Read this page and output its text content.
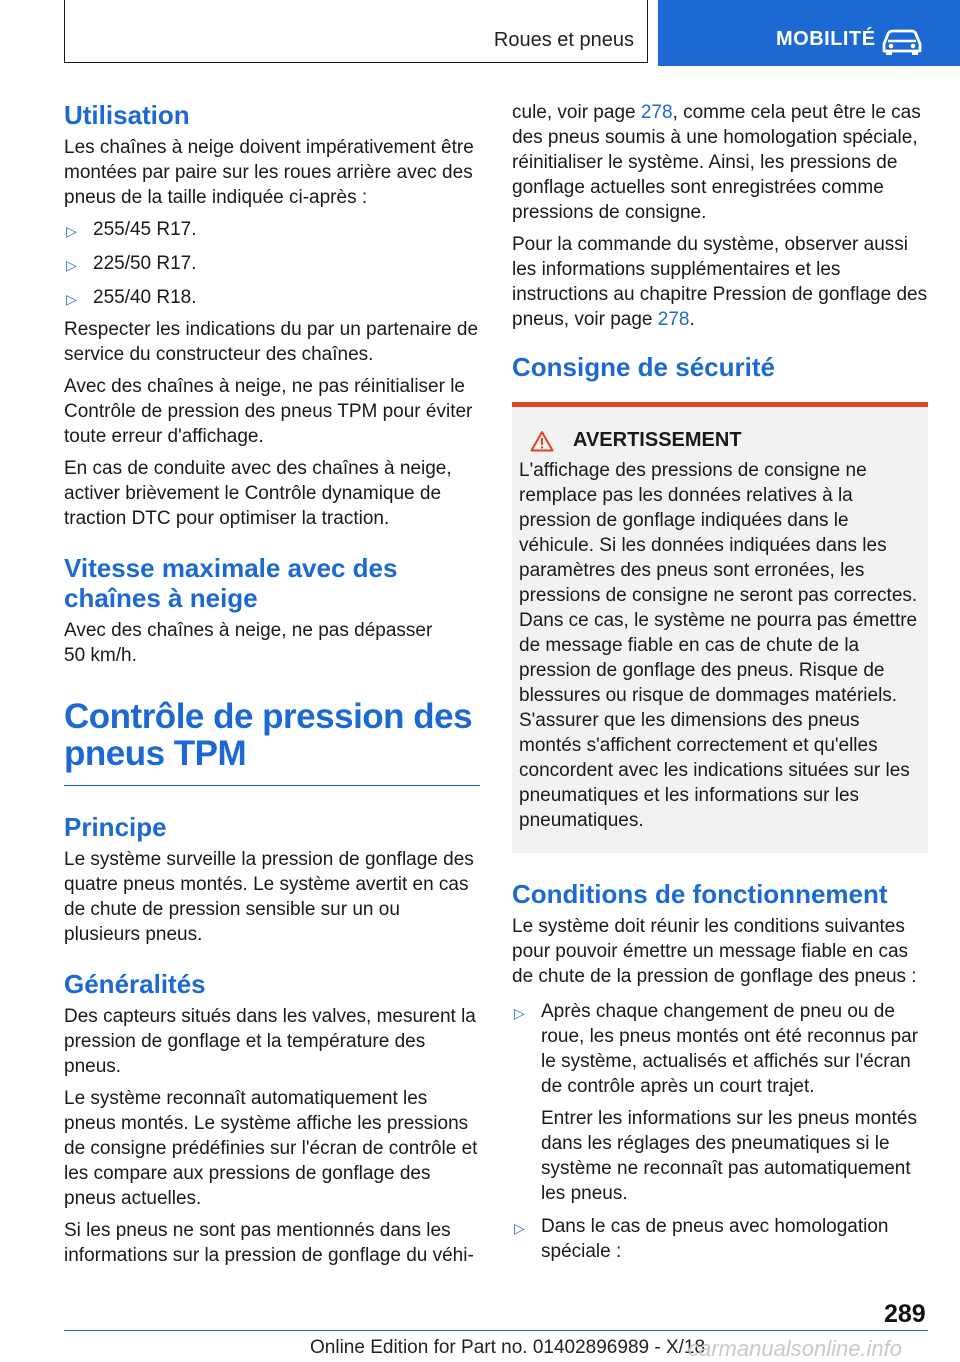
Roues et pneus	MOBILITÉ
Utilisation

Les chaînes à neige doivent impérativement être montées par paire sur les roues arrière avec des pneus de la taille indiquée ci-après :

▷ 255/45 R17.
▷ 225/50 R17.
▷ 255/40 R18.

Respecter les indications du par un partenaire de service du constructeur des chaînes.

Avec des chaînes à neige, ne pas réinitialiser le Contrôle de pression des pneus TPM pour éviter toute erreur d'affichage.

En cas de conduite avec des chaînes à neige, activer brièvement le Contrôle dynamique de traction DTC pour optimiser la traction.

Vitesse maximale avec des chaînes à neige

Avec des chaînes à neige, ne pas dépasser 50 km/h.

Contrôle de pression des pneus TPM
Principe

Le système surveille la pression de gonflage des quatre pneus montés. Le système avertit en cas de chute de pression sensible sur un ou plusieurs pneus.

Généralités

Des capteurs situés dans les valves, mesurent la pression de gonflage et la température des pneus.

Le système reconnaît automatiquement les pneus montés. Le système affiche les pressions de consigne prédéfinies sur l'écran de contrôle et les compare aux pressions de gonflage des pneus actuelles.

Si les pneus ne sont pas mentionnés dans les informations sur la pression de gonflage du véhi-

cule, voir page 278, comme cela peut être le cas des pneus soumis à une homologation spéciale, réinitialiser le système. Ainsi, les pressions de gonflage actuelles sont enregistrées comme pressions de consigne.

Pour la commande du système, observer aussi les informations supplémentaires et les instructions au chapitre Pression de gonflage des pneus, voir page 278.

Consigne de sécurité
AVERTISSEMENT

L'affichage des pressions de consigne ne remplace pas les données relatives à la pression de gonflage indiquées dans le véhicule. Si les données indiquées dans les paramètres des pneus sont erronées, les pressions de consigne ne seront pas correctes. Dans ce cas, le système ne pourra pas émettre de message fiable en cas de chute de la pression de gonflage des pneus. Risque de blessures ou risque de dommages matériels. S'assurer que les dimensions des pneus montés s'affichent correctement et qu'elles concordent avec les indications situées sur les pneumatiques et les informations sur les pneumatiques.

Conditions de fonctionnement

Le système doit réunir les conditions suivantes pour pouvoir émettre un message fiable en cas de chute de la pression de gonflage des pneus :

▷ Après chaque changement de pneu ou de roue, les pneus montés ont été reconnus par le système, actualisés et affichés sur l'écran de contrôle après un court trajet.
Entrer les informations sur les pneus montés dans les réglages des pneumatiques si le système ne reconnaît pas automatiquement les pneus.
▷ Dans le cas de pneus avec homologation spéciale :
289
Online Edition for Part no. 01402896989 - X/18
carmanualsonline.info
